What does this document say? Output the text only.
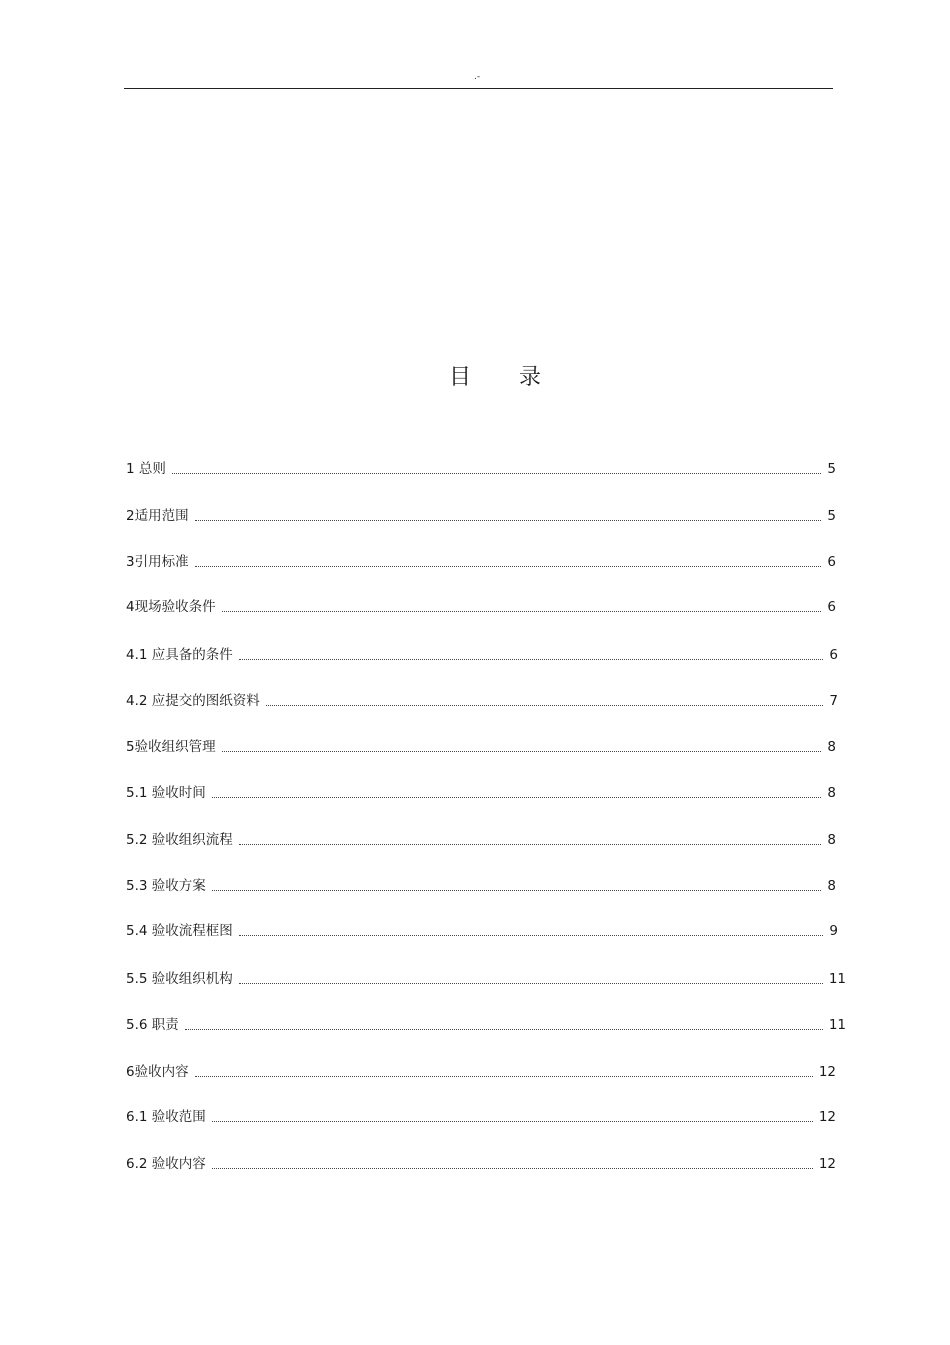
.-
目 录
1 总则	5
2适用范围	5
3引用标准	6
4现场验收条件	6
4.1 应具备的条件	6
4.2 应提交的图纸资料	7
5验收组织管理	8
5.1 验收时间	8
5.2 验收组织流程	8
5.3 验收方案	8
5.4 验收流程框图	9
5.5 验收组织机构	11
5.6 职责	11
6验收内容	12
6.1 验收范围	12
6.2 验收内容	12
